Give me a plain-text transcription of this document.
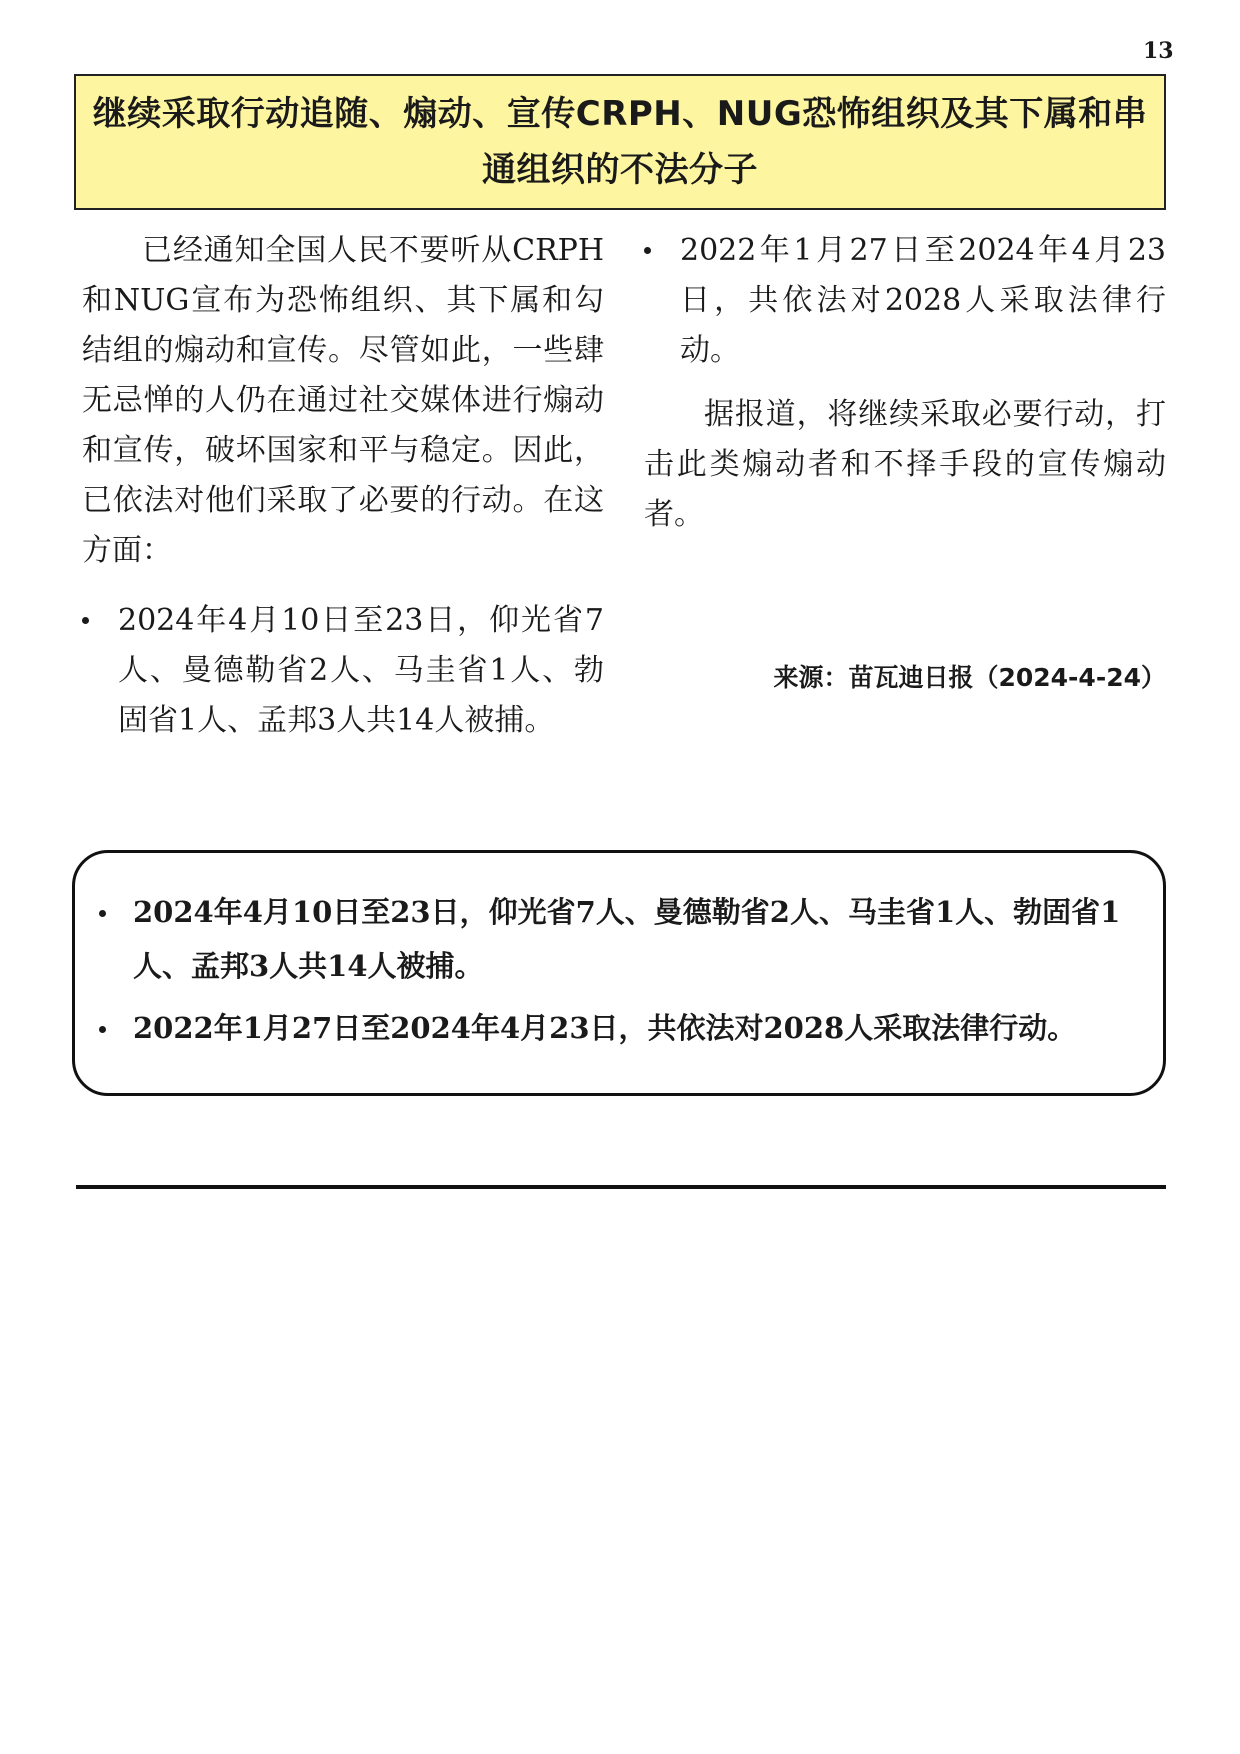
13
继续采取行动追随、煽动、宣传CRPH、NUG恐怖组织及其下属和串通组织的不法分子

已经通知全国人民不要听从CRPH和NUG宣布为恐怖组织、其下属和勾结组的煽动和宣传。尽管如此，一些肆无忌惮的人仍在通过社交媒体进行煽动和宣传，破坏国家和平与稳定。因此，已依法对他们采取了必要的行动。在这方面：

2024年4月10日至23日，仰光省7人、曼德勒省2人、马圭省1人、勃固省1人、孟邦3人共14人被捕。
2022年1月27日至2024年4月23日，共依法对2028人采取法律行动。

据报道，将继续采取必要行动，打击此类煽动者和不择手段的宣传煽动者。

来源：苗瓦迪日报（2024-4-24）
2024年4月10日至23日，仰光省7人、曼德勒省2人、马圭省1人、勃固省1人、孟邦3人共14人被捕。
2022年1月27日至2024年4月23日，共依法对2028人采取法律行动。
